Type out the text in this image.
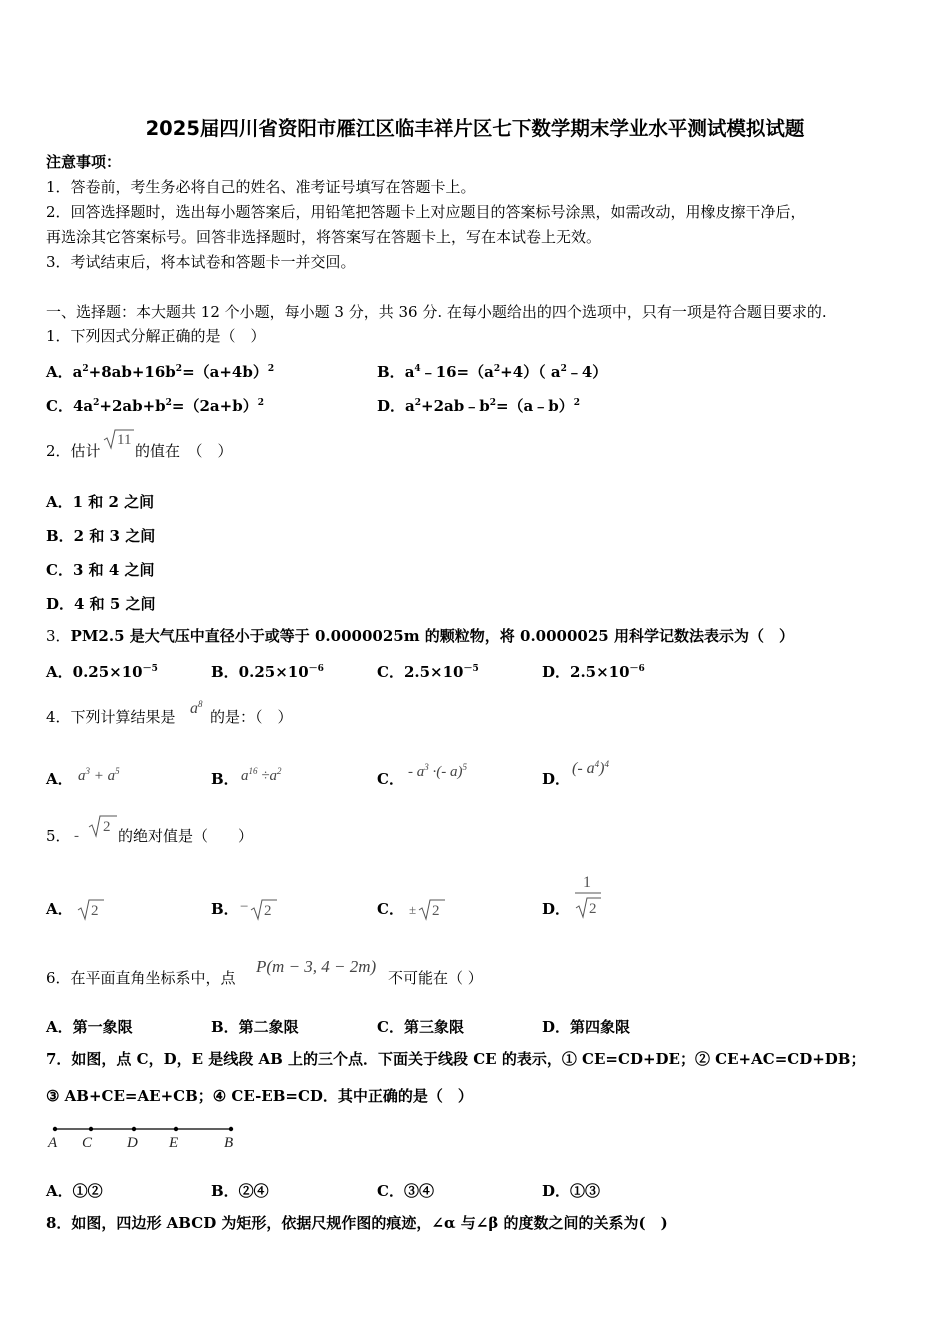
2025届四川省资阳市雁江区临丰祥片区七下数学期末学业水平测试模拟试题
注意事项：
1．答卷前，考生务必将自己的姓名、准考证号填写在答题卡上。
2．回答选择题时，选出每小题答案后，用铅笔把答题卡上对应题目的答案标号涂黑，如需改动，用橡皮擦干净后，
再选涂其它答案标号。回答非选择题时，将答案写在答题卡上，写在本试卷上无效。
3．考试结束后，将本试卷和答题卡一并交回。
一、选择题：本大题共 12 个小题，每小题 3 分，共 36 分. 在每小题给出的四个选项中，只有一项是符合题目要求的.
1．下列因式分解正确的是（　）
A．$a^2+8ab+16b^2=(a+4b)^2$	B．$a^4﹣16=(a^2+4)$（ $a^2﹣4$）
C．$4a^2+2ab+b^2=(2a+b)^2$	D．$a^2+2ab﹣b^2=(a﹣b)^2$
2．估计
11
的值在　（　）
A．1 和 2 之间
B．2 和 3 之间
C．3 和 4 之间
D．4 和 5 之间
3．PM2.5 是大气压中直径小于或等于 0.0000025m 的颗粒物，将 0.0000025 用科学记数法表示为（　）
A．$0.25\times 10^{-5}$	B．$0.25\times 10^{-6}$	C．$2.5\times 10^{-5}$	D．$2.5\times 10^{-6}$
4．下列计算结果是 $a^8$
的是：（　）
A． $a^3 + a^5$	B． $a^{16} \div a^2$	C． - $a^3$ ·(- a)$^5$
D．
(- $a^4)^4$
5． -
2 的绝对值是（　　）
A． 2	B． − 2	C． ± 2	D．
1
2
6．在平面直角坐标系中，点
P(m − 3, 4 − 2m)
不可能在（ ）
A．第一象限	B．第二象限	C．第三象限	D．第四象限
7．如图，点 C，D，E 是线段 AB 上的三个点．下面关于线段 CE 的表示，① CE=CD+DE；② CE+AC=CD+DB；
③ AB+CE=AE+CB；④ CE-EB=CD．其中正确的是（　）
A C D E	B
A．①②	B．②④	C．③④	D．①③
8．如图，四边形 ABCD 为矩形，依据尺规作图的痕迹，∠α 与∠β 的度数之间的关系为(　)
